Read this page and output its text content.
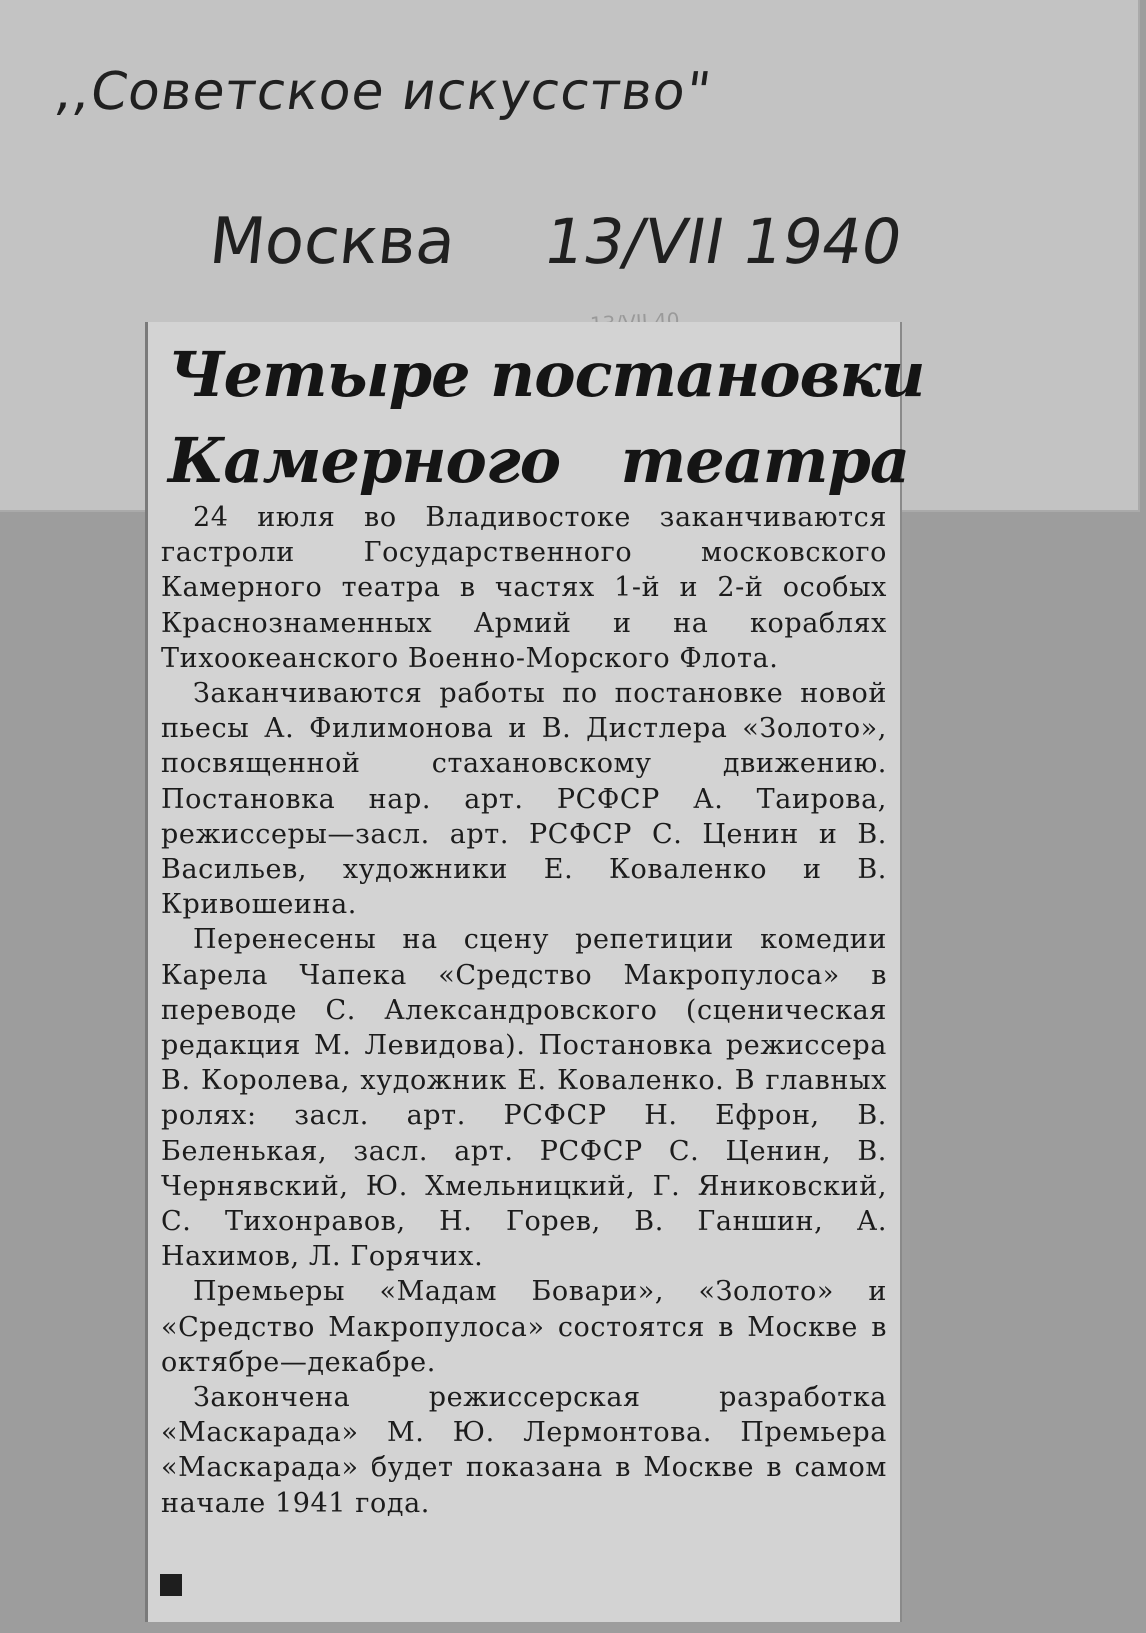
,,Советское искусство"
Москва 13/VII 1940
Четыре постановки
Камерного театра

24 июля во Владивостоке заканчиваются гастроли Государственного московского Камерного театра в частях 1-й и 2-й особых Краснознаменных Армий и на кораблях Тихоокеанского Военно-Морского Флота.

Заканчиваются работы по постановке новой пьесы А. Филимонова и В. Дистлера «Золото», посвященной стахановскому движению. Постановка нар. арт. РСФСР А. Таирова, режиссеры—засл. арт. РСФСР С. Ценин и В. Васильев, художники Е. Коваленко и В. Кривошеина.

Перенесены на сцену репетиции комедии Карела Чапека «Средство Макропулоса» в переводе С. Александровского (сценическая редакция М. Левидова). Постановка режиссера В. Королева, художник Е. Коваленко. В главных ролях: засл. арт. РСФСР Н. Ефрон, В. Беленькая, засл. арт. РСФСР С. Ценин, В. Чернявский, Ю. Хмельницкий, Г. Яниковский, С. Тихонравов, Н. Горев, В. Ганшин, А. Нахимов, Л. Горячих.

Премьеры «Мадам Бовари», «Золото» и «Средство Макропулоса» состоятся в Москве в октябре—декабре.

Закончена режиссерская разработка «Маскарада» М. Ю. Лермонтова. Премьера «Маскарада» будет показана в Москве в самом начале 1941 года.
